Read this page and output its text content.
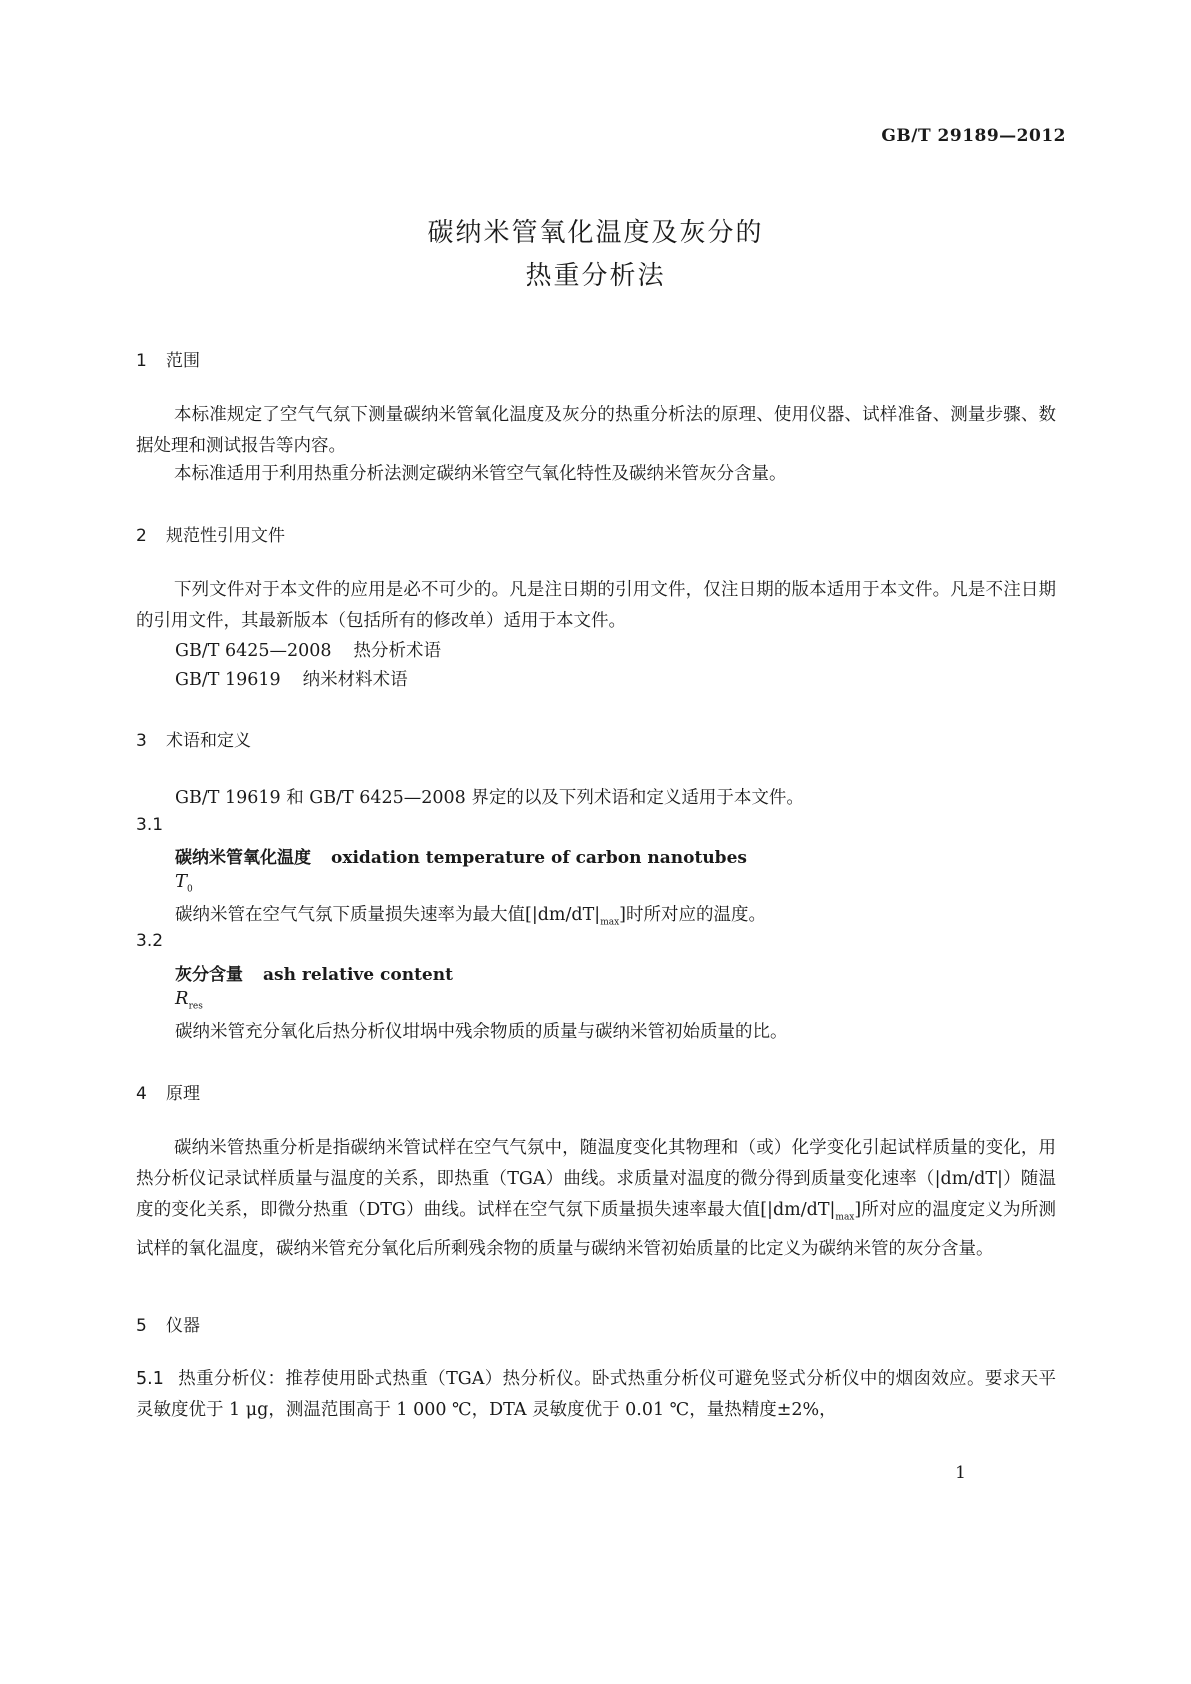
GB/T 29189—2012
碳纳米管氧化温度及灰分的
热重分析法
1 范围
本标准规定了空气气氛下测量碳纳米管氧化温度及灰分的热重分析法的原理、使用仪器、试样准备、测量步骤、数据处理和测试报告等内容。
本标准适用于利用热重分析法测定碳纳米管空气氧化特性及碳纳米管灰分含量。
2 规范性引用文件
下列文件对于本文件的应用是必不可少的。凡是注日期的引用文件，仅注日期的版本适用于本文件。凡是不注日期的引用文件，其最新版本（包括所有的修改单）适用于本文件。
GB/T 6425—2008 热分析术语
GB/T 19619 纳米材料术语
3 术语和定义
GB/T 19619 和 GB/T 6425—2008 界定的以及下列术语和定义适用于本文件。
3.1
碳纳米管氧化温度 oxidation temperature of carbon nanotubes
$T_0$
碳纳米管在空气气氛下质量损失速率为最大值$[|dm/dT|_{max}]$时所对应的温度。
3.2
灰分含量 ash relative content
$R_{res}$
碳纳米管充分氧化后热分析仪坩埚中残余物质的质量与碳纳米管初始质量的比。
4 原理
碳纳米管热重分析是指碳纳米管试样在空气气氛中，随温度变化其物理和（或）化学变化引起试样质量的变化，用热分析仪记录试样质量与温度的关系，即热重（TGA）曲线。求质量对温度的微分得到质量变化速率（|dm/dT|）随温度的变化关系，即微分热重（DTG）曲线。试样在空气氛下质量损失速率最大值$[|dm/dT|_{max}]$所对应的温度定义为所测试样的氧化温度，碳纳米管充分氧化后所剩残余物的质量与碳纳米管初始质量的比定义为碳纳米管的灰分含量。
5 仪器
5.1 热重分析仪：推荐使用卧式热重（TGA）热分析仪。卧式热重分析仪可避免竖式分析仪中的烟囱效应。要求天平灵敏度优于 1 μg，测温范围高于 1 000 ℃，DTA 灵敏度优于 0.01 ℃，量热精度±2%，
1
